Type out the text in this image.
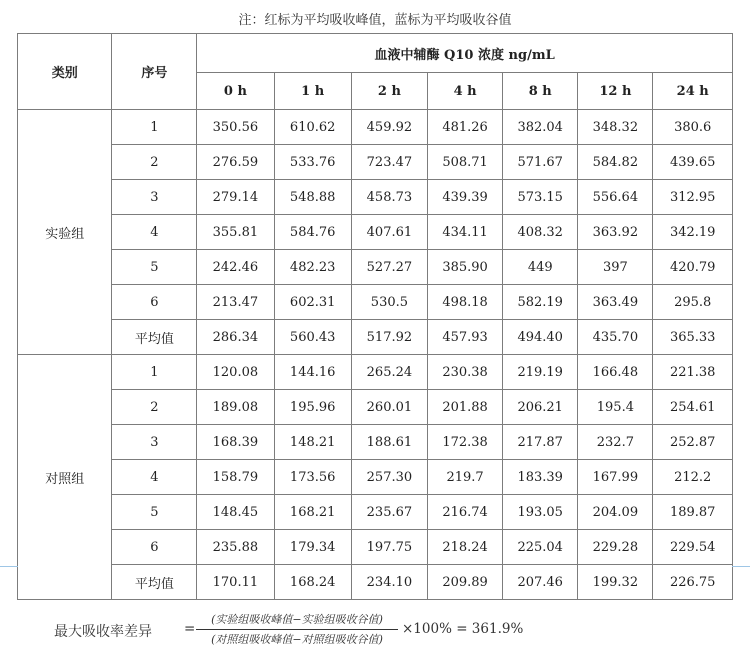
注：红标为平均吸收峰值，蓝标为平均吸收谷值
类别	序号	血液中辅酶 Q10 浓度 ng/mL						
		0 h	1 h	2 h	4 h	8 h	12 h	24 h
实验组	1	350.56	610.62	459.92	481.26	382.04	348.32	380.6
	2	276.59	533.76	723.47	508.71	571.67	584.82	439.65
	3	279.14	548.88	458.73	439.39	573.15	556.64	312.95
	4	355.81	584.76	407.61	434.11	408.32	363.92	342.19
	5	242.46	482.23	527.27	385.90	449	397	420.79
	6	213.47	602.31	530.5	498.18	582.19	363.49	295.8
	平均值	286.34	560.43	517.92	457.93	494.40	435.70	365.33
对照组	1	120.08	144.16	265.24	230.38	219.19	166.48	221.38
	2	189.08	195.96	260.01	201.88	206.21	195.4	254.61
	3	168.39	148.21	188.61	172.38	217.87	232.7	252.87
	4	158.79	173.56	257.30	219.7	183.39	167.99	212.2
	5	148.45	168.21	235.67	216.74	193.05	204.09	189.87
	6	235.88	179.34	197.75	218.24	225.04	229.28	229.54
	平均值	170.11	168.24	234.10	209.89	207.46	199.32	226.75
最大吸收率差异 =
(实验组吸收峰值−实验组吸收谷值)
(对照组吸收峰值−对照组吸收谷值)
×100% = 361.9%
